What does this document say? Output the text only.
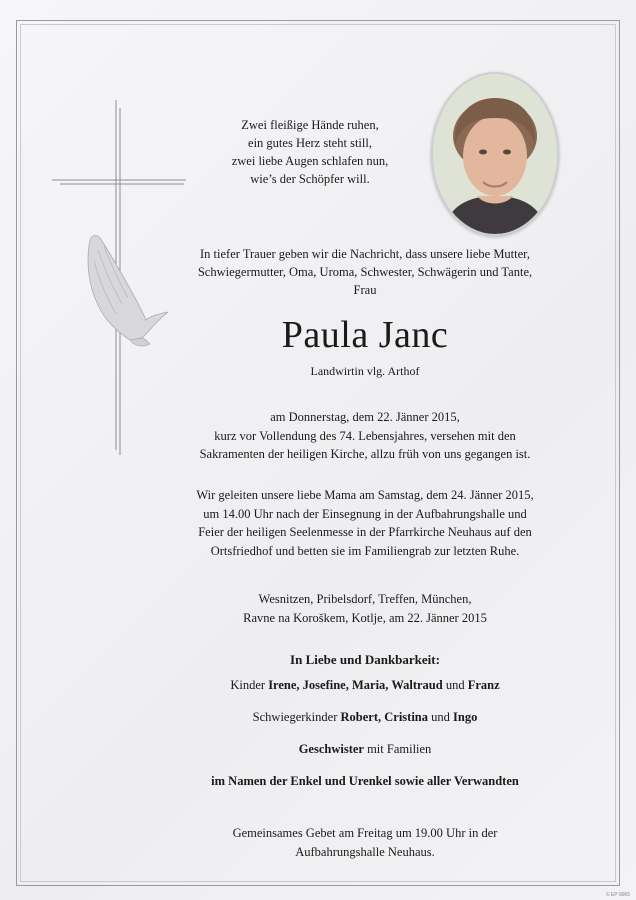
Zwei fleißige Hände ruhen,
ein gutes Herz steht still,
zwei liebe Augen schlafen nun,
wie’s der Schöpfer will.
In tiefer Trauer geben wir die Nachricht, dass unsere liebe Mutter,
Schwiegermutter, Oma, Uroma, Schwester, Schwägerin und Tante,
Frau
Paula Janc
Landwirtin vlg. Arthof
am Donnerstag, dem 22. Jänner 2015,
kurz vor Vollendung des 74. Lebensjahres, versehen mit den
Sakramenten der heiligen Kirche, allzu früh von uns gegangen ist.
Wir geleiten unsere liebe Mama am Samstag, dem 24. Jänner 2015,
um 14.00 Uhr nach der Einsegnung in der Aufbahrungshalle und
Feier der heiligen Seelenmesse in der Pfarrkirche Neuhaus auf den
Ortsfriedhof und betten sie im Familiengrab zur letzten Ruhe.
Wesnitzen, Pribelsdorf, Treffen, München,
Ravne na Koroškem, Kotlje, am 22. Jänner 2015
In Liebe und Dankbarkeit:
Kinder Irene, Josefine, Maria, Waltraud und Franz
Schwiegerkinder Robert, Cristina und Ingo
Geschwister mit Familien
im Namen der Enkel und Urenkel sowie aller Verwandten
Gemeinsames Gebet am Freitag um 19.00 Uhr in der
Aufbahrungshalle Neuhaus.
© EP 9065
